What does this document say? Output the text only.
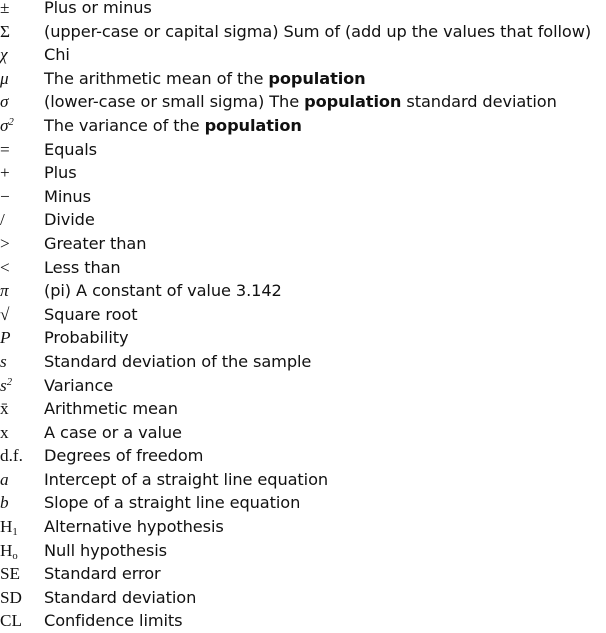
±	Plus or minus
Σ	(upper-case or capital sigma) Sum of (add up the values that follow)
χ	Chi
μ	The arithmetic mean of the population
σ	(lower-case or small sigma) The population standard deviation
$\sigma^2$	The variance of the population
=	Equals
+	Plus
−	Minus
/	Divide
>	Greater than
<	Less than
π	(pi) A constant of value 3.142
√	Square root
P	Probability
s	Standard deviation of the sample
$s^2$	Variance
x̄	Arithmetic mean
x	A case or a value
d.f.	Degrees of freedom
a	Intercept of a straight line equation
b	Slope of a straight line equation
$H_1$	Alternative hypothesis
$H_o$	Null hypothesis
SE	Standard error
SD	Standard deviation
CL	Confidence limits
